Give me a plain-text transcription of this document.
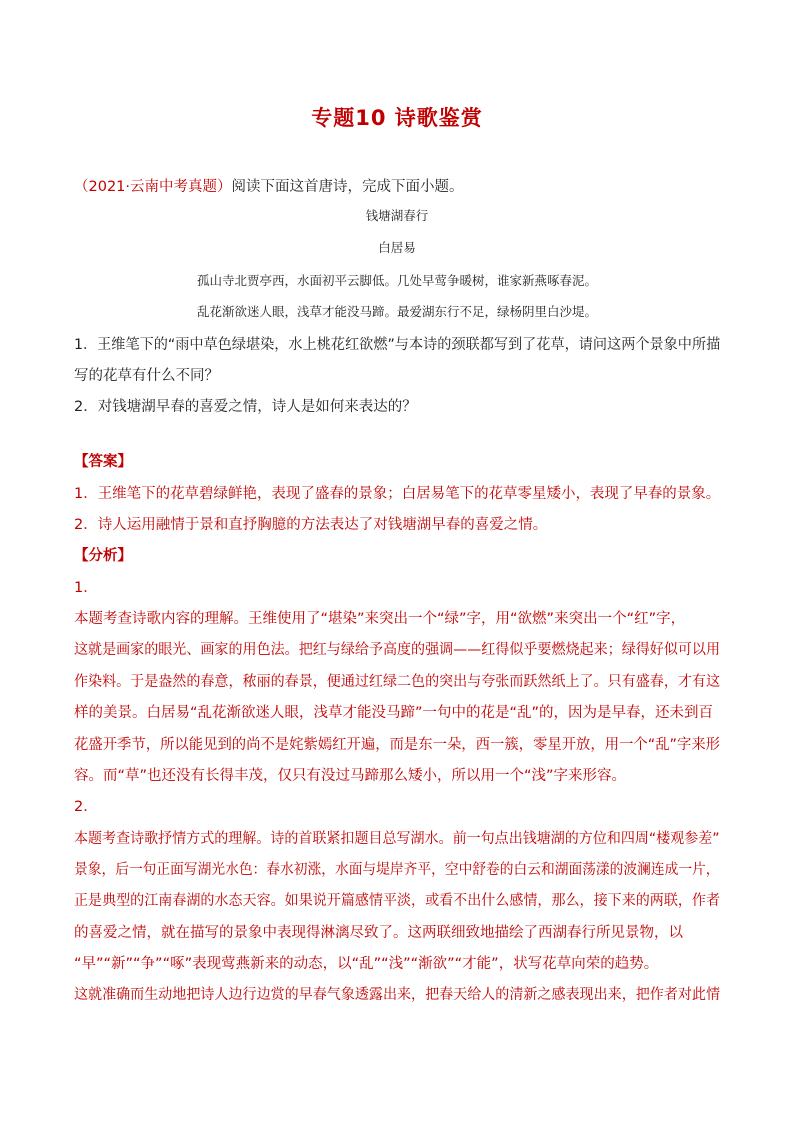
专题10 诗歌鉴赏
（2021·云南中考真题）阅读下面这首唐诗，完成下面小题。
钱塘湖春行
白居易
孤山寺北贾亭西，水面初平云脚低。几处早莺争暖树，谁家新燕啄春泥。
乱花渐欲迷人眼，浅草才能没马蹄。最爱湖东行不足，绿杨阴里白沙堤。
1．王维笔下的“雨中草色绿堪染，水上桃花红欲燃”与本诗的颈联都写到了花草，请问这两个景象中所描
写的花草有什么不同？
2．对钱塘湖早春的喜爱之情，诗人是如何来表达的？
【答案】
1．王维笔下的花草碧绿鲜艳，表现了盛春的景象；白居易笔下的花草零星矮小，表现了早春的景象。
2．诗人运用融情于景和直抒胸臆的方法表达了对钱塘湖早春的喜爱之情。
【分析】
1．
本题考查诗歌内容的理解。王维使用了“堪染”来突出一个“绿”字，用“欲燃”来突出一个“红”字，
这就是画家的眼光、画家的用色法。把红与绿给予高度的强调——红得似乎要燃烧起来；绿得好似可以用
作染料。于是盎然的春意，秾丽的春景，便通过红绿二色的突出与夸张而跃然纸上了。只有盛春，才有这
样的美景。白居易“乱花渐欲迷人眼，浅草才能没马蹄”一句中的花是“乱”的，因为是早春，还未到百
花盛开季节，所以能见到的尚不是姹紫嫣红开遍，而是东一朵，西一簇，零星开放，用一个“乱”字来形
容。而“草”也还没有长得丰茂，仅只有没过马蹄那么矮小，所以用一个“浅”字来形容。
2．
本题考查诗歌抒情方式的理解。诗的首联紧扣题目总写湖水。前一句点出钱塘湖的方位和四周“楼观参差”
景象，后一句正面写湖光水色：春水初涨，水面与堤岸齐平，空中舒卷的白云和湖面荡漾的波澜连成一片，
正是典型的江南春湖的水态天容。如果说开篇感情平淡，或看不出什么感情，那么，接下来的两联，作者
的喜爱之情，就在描写的景象中表现得淋漓尽致了。这两联细致地描绘了西湖春行所见景物，以
“早”“新”“争”“啄”表现莺燕新来的动态，以“乱”“浅”“渐欲”“才能”，状写花草向荣的趋势。
这就准确而生动地把诗人边行边赏的早春气象透露出来，把春天给人的清新之感表现出来，把作者对此情
